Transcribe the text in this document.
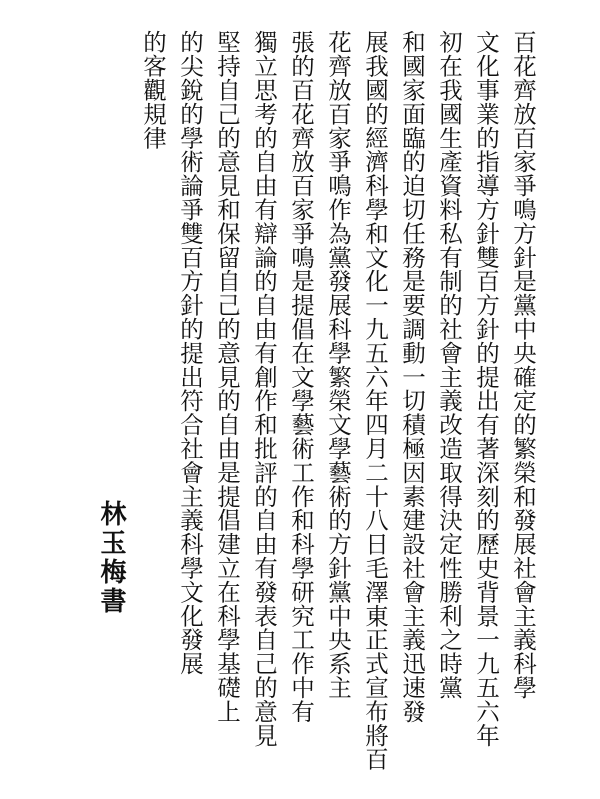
百花齊放百家爭鳴方針是黨中央確定的繁榮和發展社會主義科學
文化事業的指導方針雙百方針的提出有著深刻的歷史背景一九五六年
初在我國生產資料私有制的社會主義改造取得決定性勝利之時黨
和國家面臨的迫切任務是要調動一切積極因素建設社會主義迅速發
展我國的經濟科學和文化一九五六年四月二十八日毛澤東正式宣布將百
花齊放百家爭鳴作為黨發展科學繁榮文學藝術的方針黨中央系主
張的百花齊放百家爭鳴是提倡在文學藝術工作和科學研究工作中有
獨立思考的自由有辯論的自由有創作和批評的自由有發表自己的意見
堅持自己的意見和保留自己的意見的自由是提倡建立在科學基礎上
的尖銳的學術論爭雙百方針的提出符合社會主義科學文化發展
的客觀規律
林玉梅書
